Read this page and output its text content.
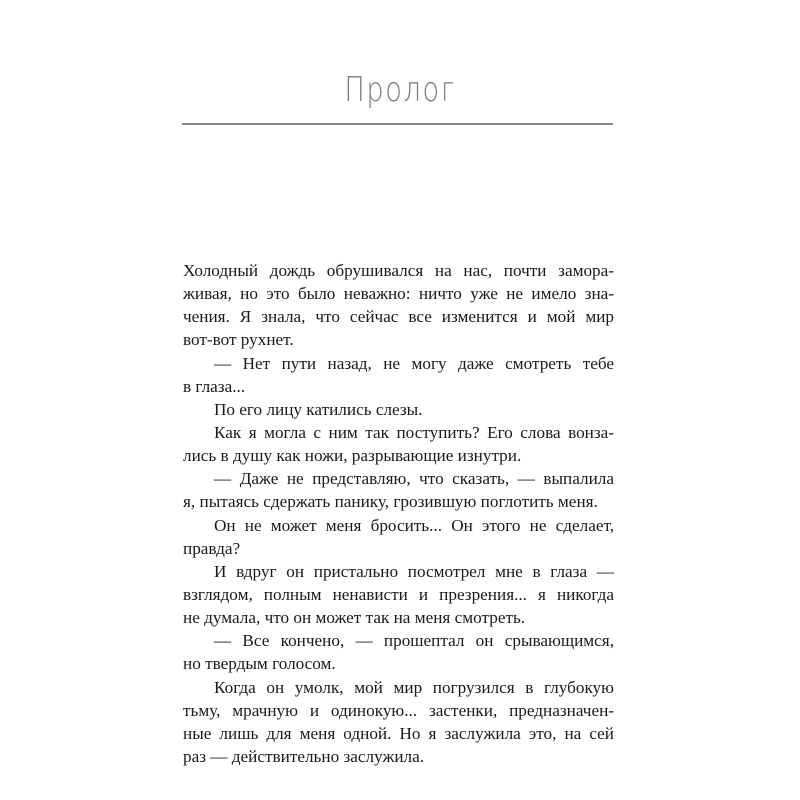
Пролог
Холодный дождь обрушивался на нас, почти замора-
живая, но это было неважно: ничто уже не имело зна-
чения. Я знала, что сейчас все изменится и мой мир
вот-вот рухнет.
— Нет пути назад, не могу даже смотреть тебе
в глаза...
По его лицу катились слезы.
Как я могла с ним так поступить? Его слова вонза-
лись в душу как ножи, разрывающие изнутри.
— Даже не представляю, что сказать, — выпалила
я, пытаясь сдержать панику, грозившую поглотить меня.
Он не может меня бросить... Он этого не сделает,
правда?
И вдруг он пристально посмотрел мне в глаза —
взглядом, полным ненависти и презрения... я никогда
не думала, что он может так на меня смотреть.
— Все кончено, — прошептал он срывающимся,
но твердым голосом.
Когда он умолк, мой мир погрузился в глубокую
тьму, мрачную и одинокую... застенки, предназначен-
ные лишь для меня одной. Но я заслужила это, на сей
раз — действительно заслужила.
